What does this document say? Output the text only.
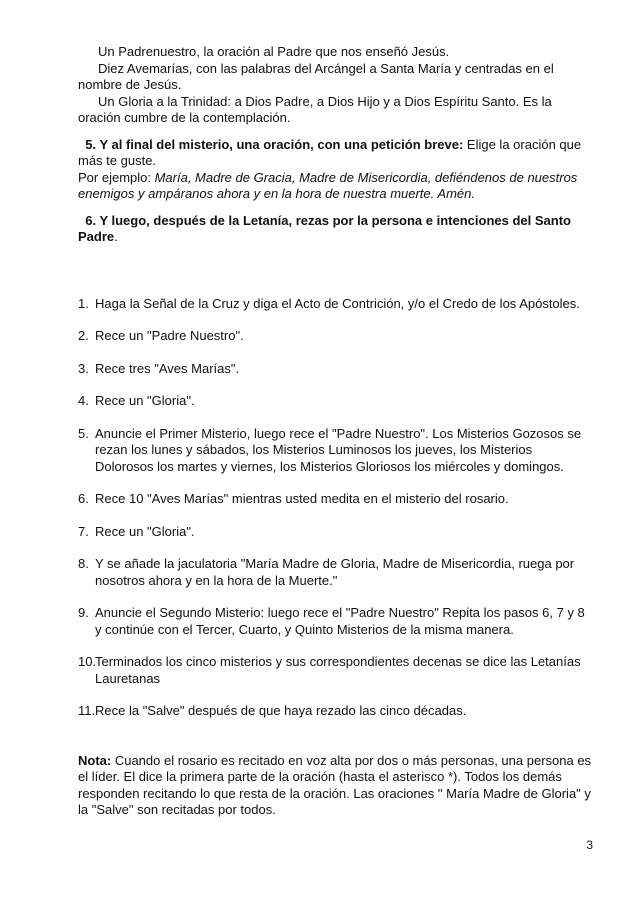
Un Padrenuestro, la oración al Padre que nos enseñó Jesús.

Diez Avemarías, con las palabras del Arcángel a Santa María y centradas en el nombre de Jesús.

Un Gloria a la Trinidad: a Dios Padre, a Dios Hijo y a Dios Espíritu Santo. Es la oración cumbre de la contemplación.

5. Y al final del misterio, una oración, con una petición breve: Elige la oración que más te guste.

Por ejemplo: María, Madre de Gracia, Madre de Misericordia, defiéndenos de nuestros enemigos y ampáranos ahora y en la hora de nuestra muerte. Amén.

6. Y luego, después de la Letanía, rezas por la persona e intenciones del Santo Padre.

1. Haga la Señal de la Cruz y diga el Acto de Contrición, y/o el Credo de los Apóstoles.
2. Rece un "Padre Nuestro".
3. Rece tres "Aves Marías".
4. Rece un "Gloria".
5. Anuncie el Primer Misterio, luego rece el "Padre Nuestro". Los Misterios Gozosos se rezan los lunes y sábados, los Misterios Luminosos los jueves, los Misterios Dolorosos los martes y viernes, los Misterios Gloriosos los miércoles y domingos.
6. Rece 10 "Aves Marías" mientras usted medita en el misterio del rosario.
7. Rece un "Gloria".
8. Y se añade la jaculatoria "María Madre de Gloria, Madre de Misericordia, ruega por nosotros ahora y en la hora de la Muerte."
9. Anuncie el Segundo Misterio: luego rece el "Padre Nuestro" Repita los pasos 6, 7 y 8 y continúe con el Tercer, Cuarto, y Quinto Misterios de la misma manera.
10.
Terminados los cinco misterios y sus correspondientes decenas se dice las Letanías Lauretanas
11. Rece la "Salve" después de que haya rezado las cinco décadas.

Nota: Cuando el rosario es recitado en voz alta por dos o más personas, una persona es el líder. El dice la primera parte de la oración (hasta el asterisco *). Todos los demás responden recitando lo que resta de la oración. Las oraciones " María Madre de Gloria" y la "Salve" son recitadas por todos.

3
